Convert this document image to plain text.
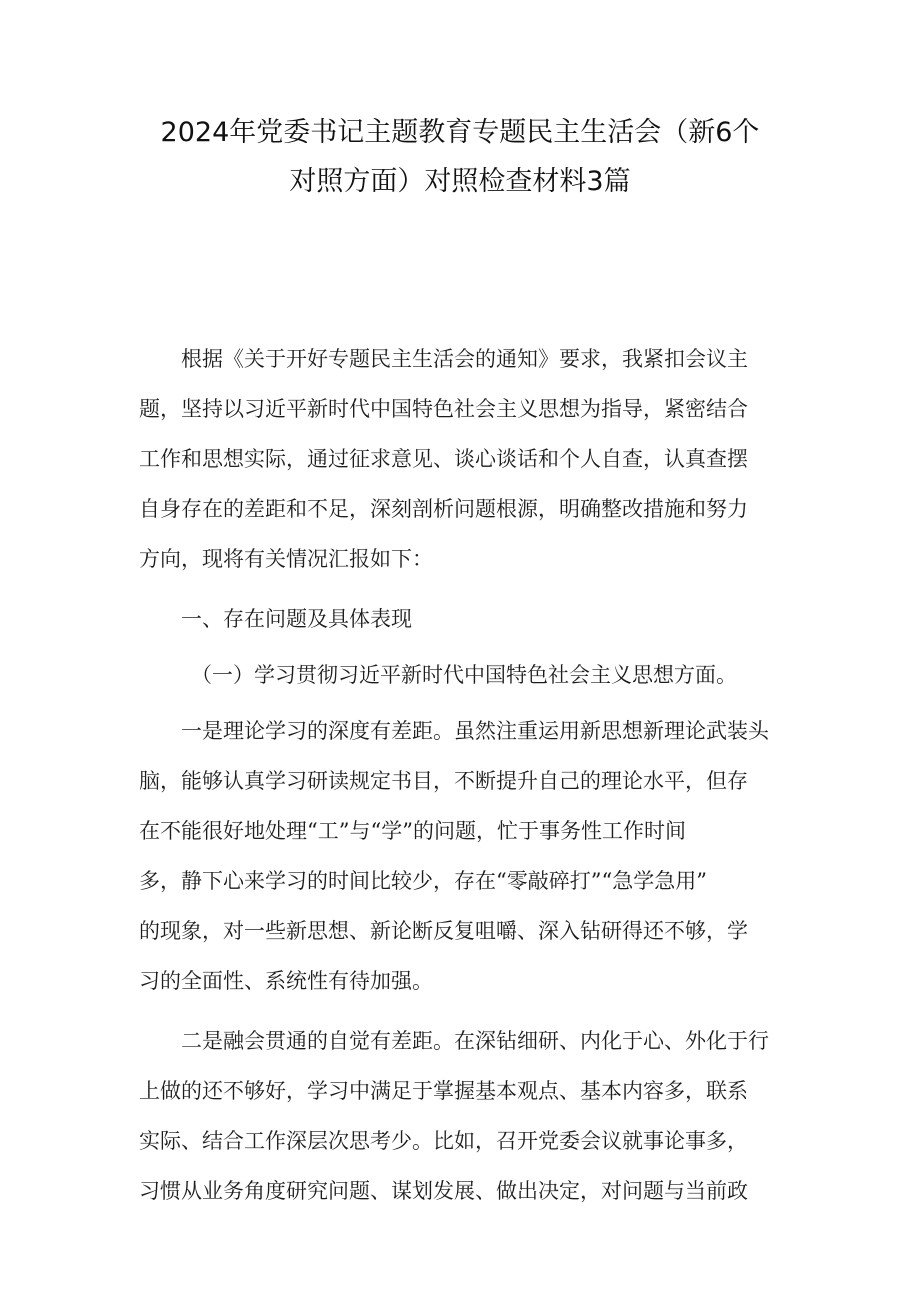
2024年党委书记主题教育专题民主生活会（新6个
对照方面）对照检查材料3篇
根据《关于开好专题民主生活会的通知》要求，我紧扣会议主
题，坚持以习近平新时代中国特色社会主义思想为指导，紧密结合
工作和思想实际，通过征求意见、谈心谈话和个人自查，认真查摆
自身存在的差距和不足，深刻剖析问题根源，明确整改措施和努力
方向，现将有关情况汇报如下：
一、存在问题及具体表现
（一）学习贯彻习近平新时代中国特色社会主义思想方面。
一是理论学习的深度有差距。虽然注重运用新思想新理论武装头
脑，能够认真学习研读规定书目，不断提升自己的理论水平，但存
在不能很好地处理“工”与“学”的问题，忙于事务性工作时间
多，静下心来学习的时间比较少，存在“零敲碎打”“急学急用”
的现象，对一些新思想、新论断反复咀嚼、深入钻研得还不够，学
习的全面性、系统性有待加强。
二是融会贯通的自觉有差距。在深钻细研、内化于心、外化于行
上做的还不够好，学习中满足于掌握基本观点、基本内容多，联系
实际、结合工作深层次思考少。比如，召开党委会议就事论事多，
习惯从业务角度研究问题、谋划发展、做出决定，对问题与当前政
